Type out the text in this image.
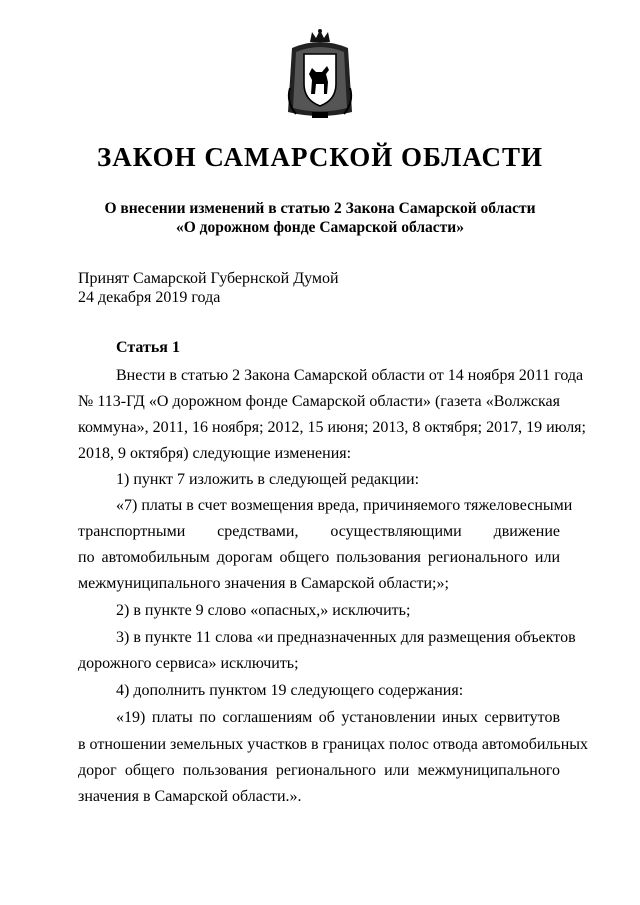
ЗАКОН САМАРСКОЙ ОБЛАСТИ
О внесении изменений в статью 2 Закона Самарской области
«О дорожном фонде Самарской области»
Принят Самарской Губернской Думой
24 декабря 2019 года
Статья 1
Внести в статью 2 Закона Самарской области от 14 ноября 2011 года
№ 113-ГД «О дорожном фонде Самарской области» (газета «Волжская
коммуна», 2011, 16 ноября; 2012, 15 июня; 2013, 8 октября; 2017, 19 июля;
2018, 9 октября) следующие изменения:
1) пункт 7 изложить в следующей редакции:
«7) платы в счет возмещения вреда, причиняемого тяжеловесными
транспортными средствами, осуществляющими движение
по автомобильным дорогам общего пользования регионального или
межмуниципального значения в Самарской области;»;
2) в пункте 9 слово «опасных,» исключить;
3) в пункте 11 слова «и предназначенных для размещения объектов
дорожного сервиса» исключить;
4) дополнить пунктом 19 следующего содержания:
«19) платы по соглашениям об установлении иных сервитутов
в отношении земельных участков в границах полос отвода автомобильных
дорог общего пользования регионального или межмуниципального
значения в Самарской области.».
